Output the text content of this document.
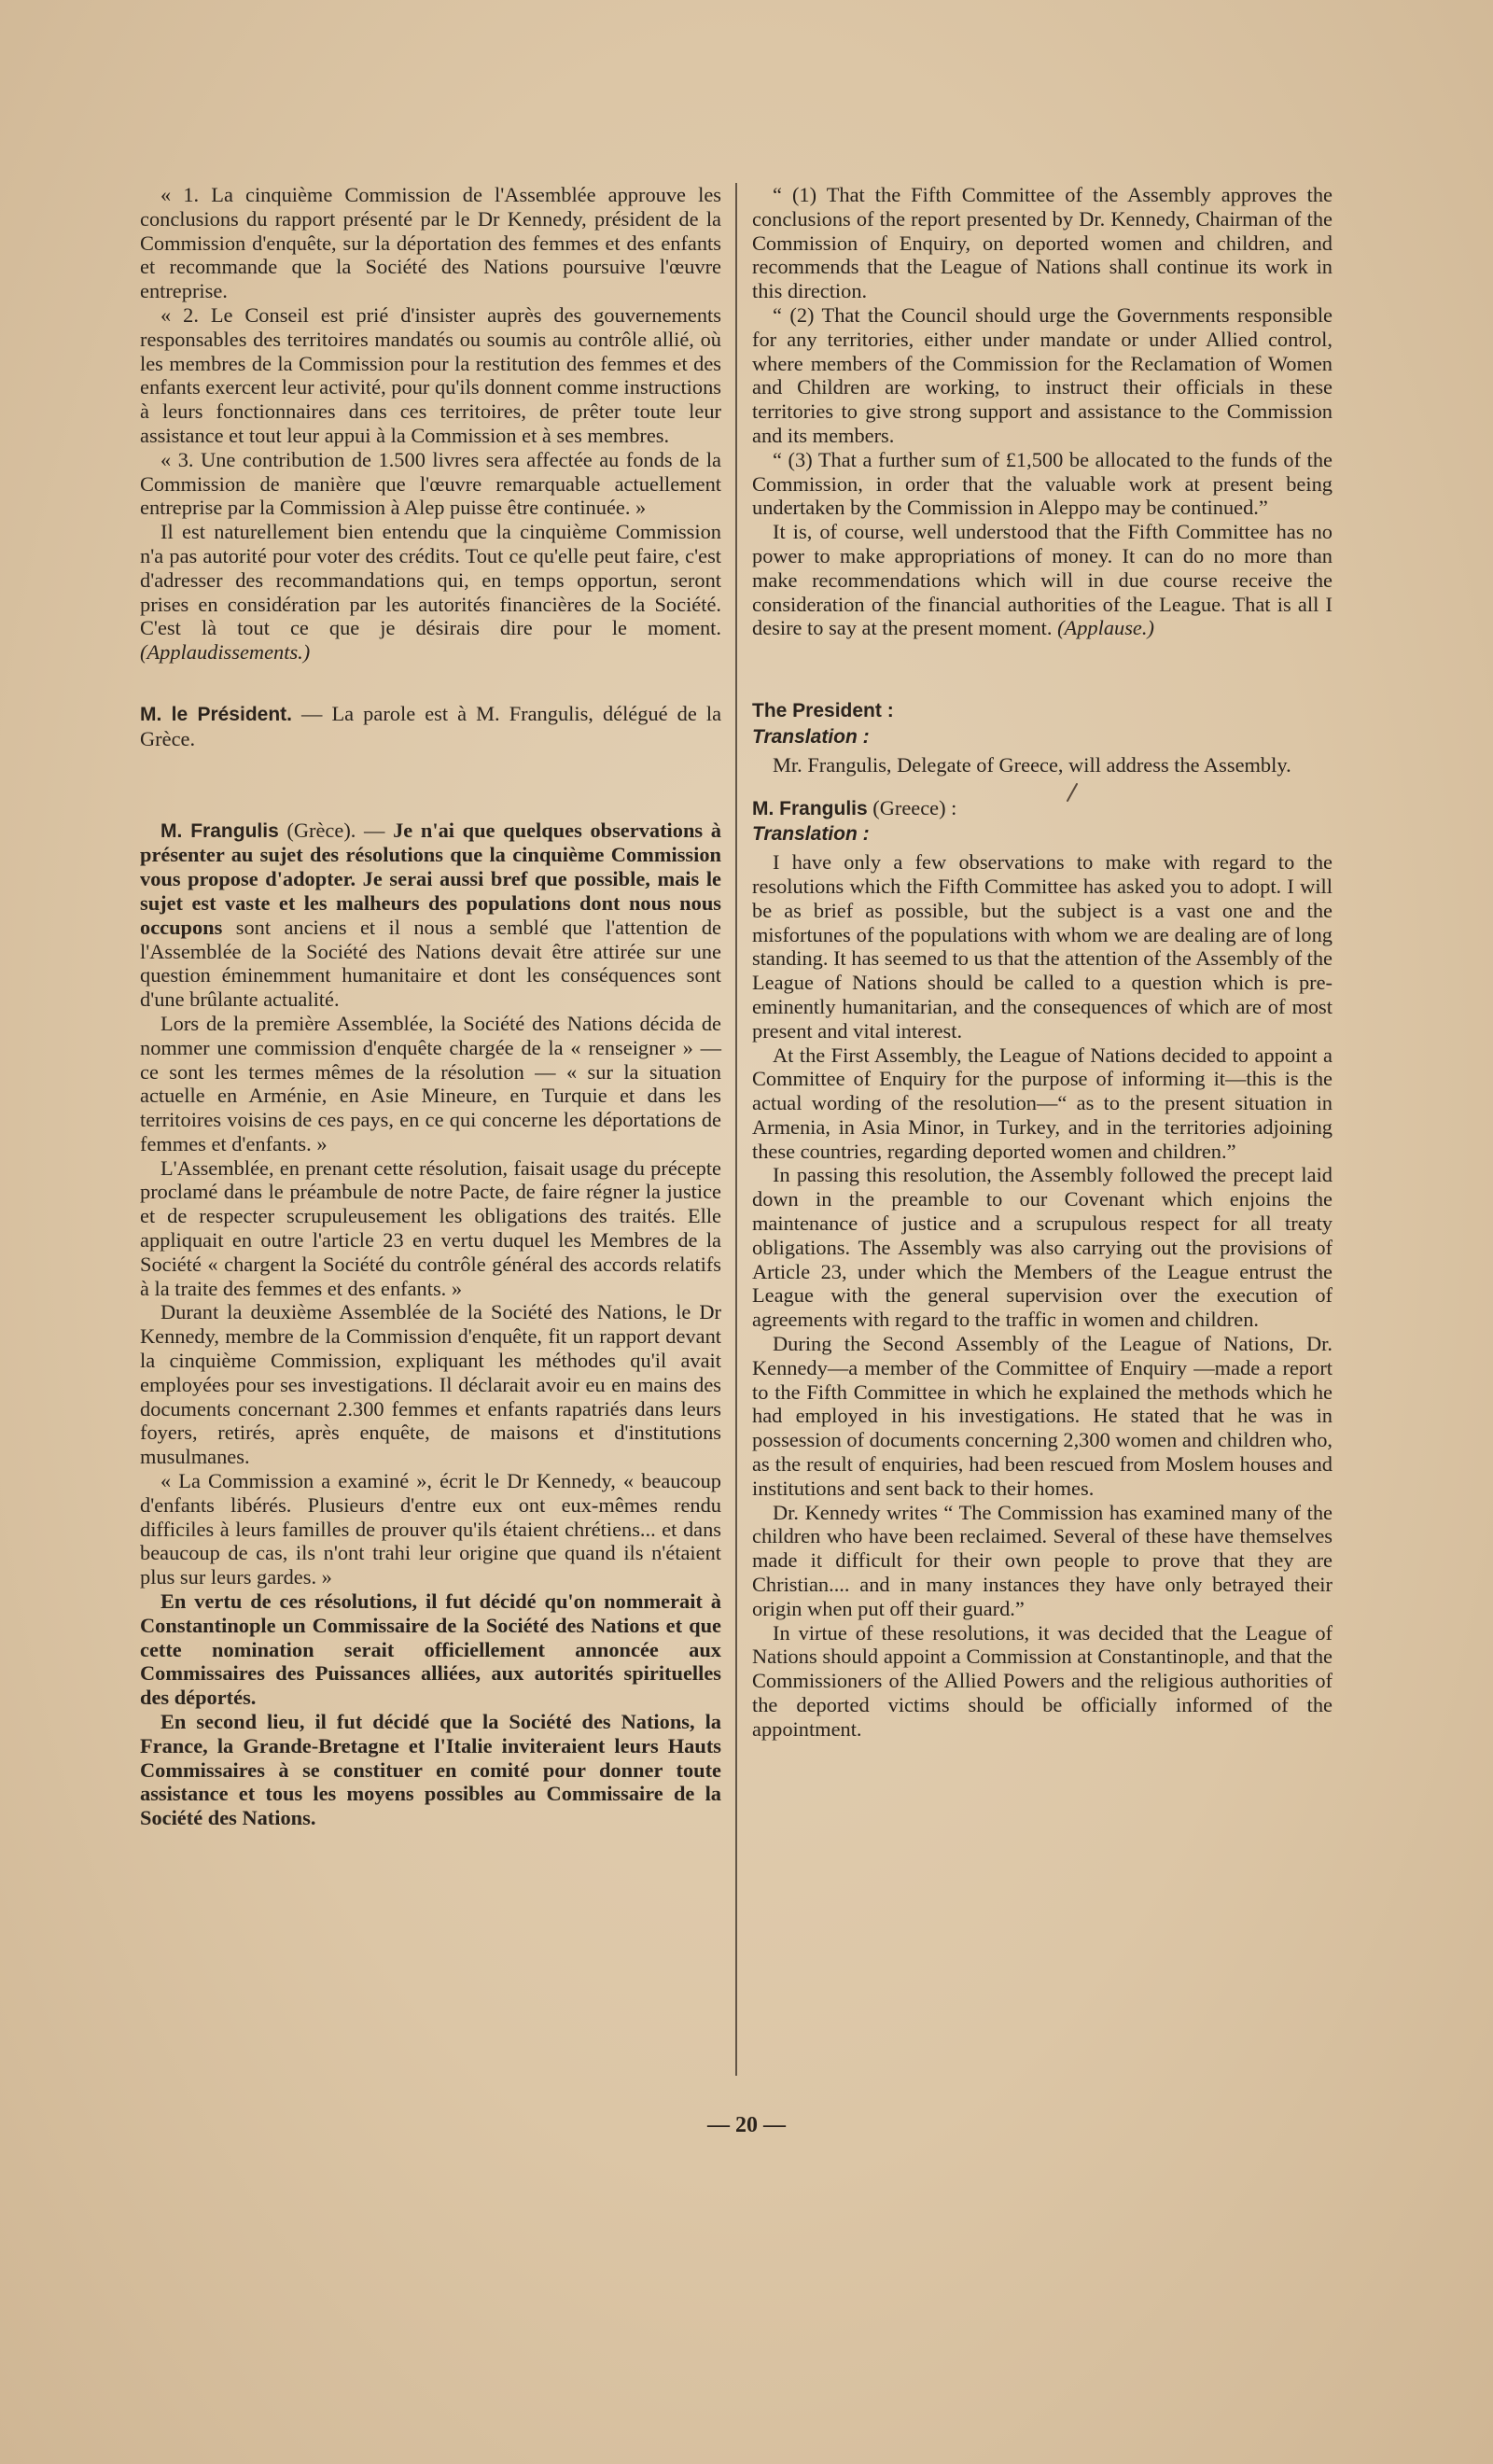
« 1. La cinquième Commission de l'Assemblée approuve les conclusions du rapport présenté par le Dr Kennedy, président de la Commission d'enquête, sur la déportation des femmes et des enfants et recommande que la Société des Nations poursuive l'œuvre entreprise.

« 2. Le Conseil est prié d'insister auprès des gouvernements responsables des territoires mandatés ou soumis au contrôle allié, où les membres de la Commission pour la restitution des femmes et des enfants exercent leur activité, pour qu'ils donnent comme instructions à leurs fonctionnaires dans ces territoires, de prêter toute leur assistance et tout leur appui à la Commission et à ses membres.

« 3. Une contribution de 1.500 livres sera affectée au fonds de la Commission de manière que l'œuvre remarquable actuellement entreprise par la Commission à Alep puisse être continuée. »

Il est naturellement bien entendu que la cinquième Commission n'a pas autorité pour voter des crédits. Tout ce qu'elle peut faire, c'est d'adresser des recommandations qui, en temps opportun, seront prises en considération par les autorités financières de la Société. C'est là tout ce que je désirais dire pour le moment. (Applaudissements.)

M. le Président. — La parole est à M. Frangulis, délégué de la Grèce.

M. Frangulis (Grèce). — Je n'ai que quelques observations à présenter au sujet des résolutions que la cinquième Commission vous propose d'adopter. Je serai aussi bref que possible, mais le sujet est vaste et les malheurs des populations dont nous nous occupons sont anciens et il nous a semblé que l'attention de l'Assemblée de la Société des Nations devait être attirée sur une question éminemment humanitaire et dont les conséquences sont d'une brûlante actualité.

Lors de la première Assemblée, la Société des Nations décida de nommer une commission d'enquête chargée de la « renseigner » — ce sont les termes mêmes de la résolution — « sur la situation actuelle en Arménie, en Asie Mineure, en Turquie et dans les territoires voisins de ces pays, en ce qui concerne les déportations de femmes et d'enfants. »

L'Assemblée, en prenant cette résolution, faisait usage du précepte proclamé dans le préambule de notre Pacte, de faire régner la justice et de respecter scrupuleusement les obligations des traités. Elle appliquait en outre l'article 23 en vertu duquel les Membres de la Société « chargent la Société du contrôle général des accords relatifs à la traite des femmes et des enfants. »

Durant la deuxième Assemblée de la Société des Nations, le Dr Kennedy, membre de la Commission d'enquête, fit un rapport devant la cinquième Commission, expliquant les méthodes qu'il avait employées pour ses investigations. Il déclarait avoir eu en mains des documents concernant 2.300 femmes et enfants rapatriés dans leurs foyers, retirés, après enquête, de maisons et d'institutions musulmanes.

« La Commission a examiné », écrit le Dr Kennedy, « beaucoup d'enfants libérés. Plusieurs d'entre eux ont eux-mêmes rendu difficiles à leurs familles de prouver qu'ils étaient chrétiens... et dans beaucoup de cas, ils n'ont trahi leur origine que quand ils n'étaient plus sur leurs gardes. »

En vertu de ces résolutions, il fut décidé qu'on nommerait à Constantinople un Commissaire de la Société des Nations et que cette nomination serait officiellement annoncée aux Commissaires des Puissances alliées, aux autorités spirituelles des déportés.

En second lieu, il fut décidé que la Société des Nations, la France, la Grande-Bretagne et l'Italie inviteraient leurs Hauts Commissaires à se constituer en comité pour donner toute assistance et tous les moyens possibles au Commissaire de la Société des Nations.

“ (1) That the Fifth Committee of the Assembly approves the conclusions of the report presented by Dr. Kennedy, Chairman of the Commission of Enquiry, on deported women and children, and recommends that the League of Nations shall continue its work in this direction.

“ (2) That the Council should urge the Governments responsible for any territories, either under mandate or under Allied control, where members of the Commission for the Reclamation of Women and Children are working, to instruct their officials in these territories to give strong support and assistance to the Commission and its members.

“ (3) That a further sum of £1,500 be allocated to the funds of the Commission, in order that the valuable work at present being undertaken by the Commission in Aleppo may be continued.”

It is, of course, well understood that the Fifth Committee has no power to make appropriations of money. It can do no more than make recommendations which will in due course receive the consideration of the financial authorities of the League. That is all I desire to say at the present moment. (Applause.)

The President :
Translation :

Mr. Frangulis, Delegate of Greece, will address the Assembly.

M. Frangulis (Greece) :
Translation :

I have only a few observations to make with regard to the resolutions which the Fifth Committee has asked you to adopt. I will be as brief as possible, but the subject is a vast one and the misfortunes of the populations with whom we are dealing are of long standing. It has seemed to us that the attention of the Assembly of the League of Nations should be called to a question which is pre-eminently humanitarian, and the consequences of which are of most present and vital interest.

At the First Assembly, the League of Nations decided to appoint a Committee of Enquiry for the purpose of informing it—this is the actual wording of the resolution—“ as to the present situation in Armenia, in Asia Minor, in Turkey, and in the territories adjoining these countries, regarding deported women and children.”

In passing this resolution, the Assembly followed the precept laid down in the preamble to our Covenant which enjoins the maintenance of justice and a scrupulous respect for all treaty obligations. The Assembly was also carrying out the provisions of Article 23, under which the Members of the League entrust the League with the general supervision over the execution of agreements with regard to the traffic in women and children.

During the Second Assembly of the League of Nations, Dr. Kennedy—a member of the Committee of Enquiry —made a report to the Fifth Committee in which he explained the methods which he had employed in his investigations. He stated that he was in possession of documents concerning 2,300 women and children who, as the result of enquiries, had been rescued from Moslem houses and institutions and sent back to their homes.

Dr. Kennedy writes “ The Commission has examined many of the children who have been reclaimed. Several of these have themselves made it difficult for their own people to prove that they are Christian.... and in many instances they have only betrayed their origin when put off their guard.”

In virtue of these resolutions, it was decided that the League of Nations should appoint a Commission at Constantinople, and that the Commissioners of the Allied Powers and the religious authorities of the deported victims should be officially informed of the appointment.

— 20 —
